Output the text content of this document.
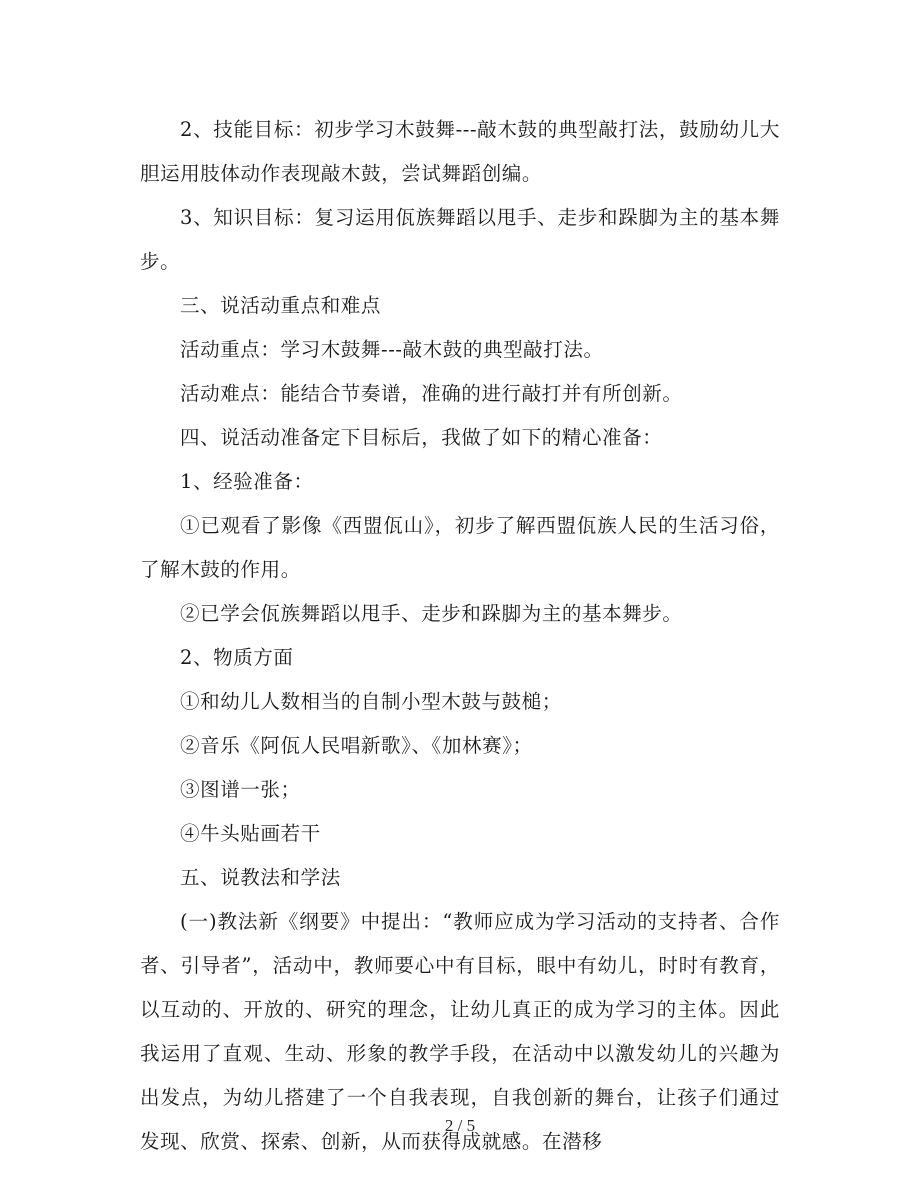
2、技能目标：初步学习木鼓舞---敲木鼓的典型敲打法，鼓励幼儿大胆运用肢体动作表现敲木鼓，尝试舞蹈创编。

3、知识目标：复习运用佤族舞蹈以甩手、走步和跺脚为主的基本舞步。

三、说活动重点和难点

活动重点：学习木鼓舞---敲木鼓的典型敲打法。

活动难点：能结合节奏谱，准确的进行敲打并有所创新。

四、说活动准备定下目标后，我做了如下的精心准备：

1、经验准备：

①已观看了影像《西盟佤山》，初步了解西盟佤族人民的生活习俗，了解木鼓的作用。

②已学会佤族舞蹈以甩手、走步和跺脚为主的基本舞步。

2、物质方面

①和幼儿人数相当的自制小型木鼓与鼓槌；

②音乐《阿佤人民唱新歌》、《加林赛》；

③图谱一张；

④牛头贴画若干

五、说教法和学法

(一)教法新《纲要》中提出：“教师应成为学习活动的支持者、合作者、引导者”，活动中，教师要心中有目标，眼中有幼儿，时时有教育，以互动的、开放的、研究的理念，让幼儿真正的成为学习的主体。因此我运用了直观、生动、形象的教学手段，在活动中以激发幼儿的兴趣为出发点，为幼儿搭建了一个自我表现，自我创新的舞台，让孩子们通过发现、欣赏、探索、创新，从而获得成就感。在潜移

2 / 5
